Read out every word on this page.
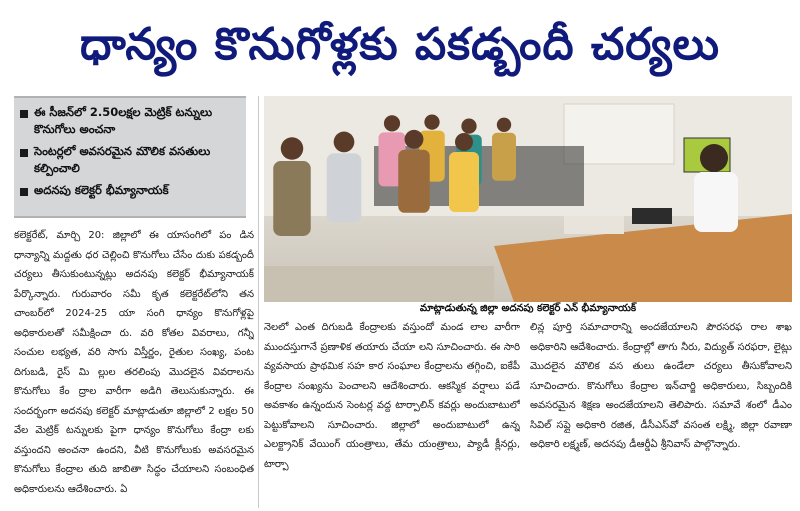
ధాన్యం కొనుగోళ్లకు పకడ్బందీ చర్యలు
ఈ సీజన్‌లో 2.50లక్షల మెట్రిక్ టన్నులు కొనుగోలు అంచనా
సెంటర్లలో అవసరమైన మౌలిక వసతులు కల్పించాలి
అదనపు కలెక్టర్ భీమ్యానాయక్
కలెక్టరేట్, మార్చి 20: జిల్లాలో ఈ యాసంగిలో పం డిన ధాన్యాన్ని మద్దతు ధర చెల్లించి కొనుగోలు చేసేం దుకు పకడ్బందీ చర్యలు తీసుకుంటున్నట్లు అదనపు కలెక్టర్ భీమ్యానాయక్ పేర్కొన్నారు. గురువారం సమీ కృత కలెక్టరేట్‌లోని తన చాంబర్‌లో 2024-25 యా సంగి ధాన్యం కొనుగోళ్లపై అధికారులతో సమీక్షించా రు. వరి కోతల వివరాలు, గన్నీ సంచుల లభ్యత, వరి సాగు విస్తీర్ణం, రైతుల సంఖ్య, పంట దిగుబడి, రైస్ మి ల్లుల తరలింపు మొదలైన వివరాలను కొనుగోలు కేం ద్రాల వారీగా అడిగి తెలుసుకున్నారు. ఈ సందర్భంగా అదనపు కలెక్టర్ మాట్లాడుతూ జిల్లాలో 2 లక్షల 50 వేల మెట్రిక్ టన్నులకు పైగా ధాన్యం కొనుగోలు కేంద్రా లకు వస్తుందని అంచనా ఉందని, వీటి కొనుగోలుకు అవసరమైన కొనుగోలు కేంద్రాల తుది జాబితా సిద్ధం చేయాలని సంబంధిత అధికారులను ఆదేశించారు. ఏ
మాట్లాడుతున్న జిల్లా అదనపు కలెక్టర్ ఎన్ భీమ్యానాయక్
నెలలో ఎంత దిగుబడి కేంద్రాలకు వస్తుందో మండ లాల వారీగా ముందస్తుగానే ప్రణాళిక తయారు చేయా లని సూచించారు. ఈ సారి వ్యవసాయ ప్రాథమిక సహ కార సంఘాల కేంద్రాలను తగ్గించి, ఐకేపీ కేంద్రాల సంఖ్యను పెంచాలని ఆదేశించారు. ఆకస్మిక వర్షాలు పడే అవకాశం ఉన్నందున సెంటర్ల వద్ద టార్పాలిన్ కవర్లు అందుబాటులో పెట్టుకోవాలని సూచించారు. జిల్లాలో అందుబాటులో ఉన్న ఎలక్ట్రానిక్ వేయింగ్ యంత్రాలు, తేమ యంత్రాలు, ప్యాడీ క్లీనర్లు, టార్పా
లిన్ల పూర్తి సమాచారాన్ని అందజేయాలని పౌరసరఫ రాల శాఖ అధికారిని ఆదేశించారు. కేంద్రాల్లో తాగు నీరు, విద్యుత్ సరఫరా, లైట్లు మొదలైన మౌలిక వస తులు ఉండేలా చర్యలు తీసుకోవాలని సూచించారు. కొనుగోలు కేంద్రాల ఇన్‌చార్జి అధికారులు, సిబ్బందికి అవసరమైన శిక్షణ అందజేయాలని తెలిపారు. సమావే శంలో డీఎం సివిల్ సప్లై అధికారి రజిత, డీసీఎస్‌వో వసంత లక్ష్మి, జిల్లా రవాణా అధికారి లక్ష్మణ్, అదనపు డీఆర్డీఏ శ్రీనివాస్ పాల్గొన్నారు.
